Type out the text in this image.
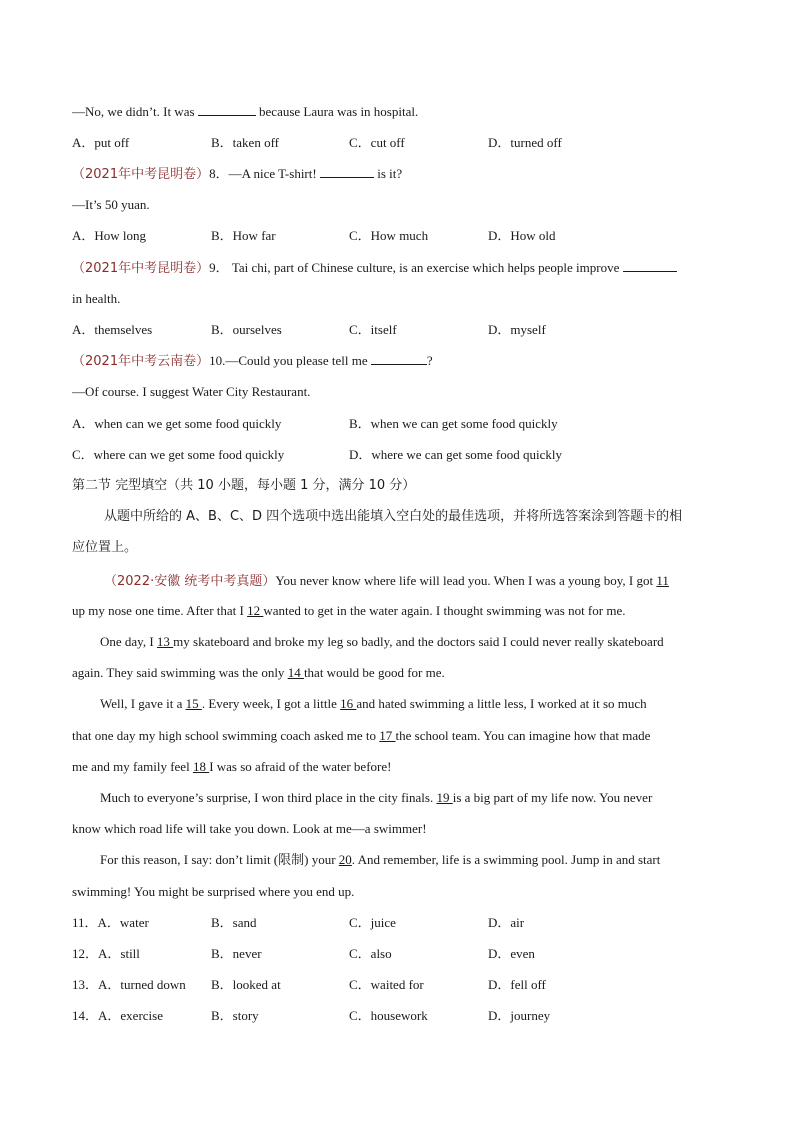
—No, we didn’t. It was	because Laura was in hospital.
A．put off	B．taken off	C．cut off	D．turned off
（2021年中考昆明卷）8．—A nice T-shirt!	is it?
—It’s 50 yuan.
A．How long	B．How far	C．How much	D．How old
（2021年中考昆明卷）9． Tai chi, part of Chinese culture, is an exercise which helps people improve
in health.
A．themselves	B．ourselves	C．itself	D．myself
（2021年中考云南卷）10.—Could you please tell me	?
—Of course. I suggest Water City Restaurant.
A．when can we get some food quickly	B．when we can get some food quickly
C．where can we get some food quickly	D．where we can get some food quickly
第二节 完型填空（共 10 小题，每小题 1 分，满分 10 分）
从题中所给的 A、B、C、D 四个选项中选出能填入空白处的最佳选项，并将所选答案涂到答题卡的相
应位置上。
（2022·安徽 统考中考真题）You never know where life will lead you. When I was a young boy, I got 11
up my nose one time. After that I 12 wanted to get in the water again. I thought swimming was not for me.
One day, I 13 my skateboard and broke my leg so badly, and the doctors said I could never really skateboard
again. They said swimming was the only 14 that would be good for me.
Well, I gave it a 15 . Every week, I got a little 16 and hated swimming a little less, I worked at it so much
that one day my high school swimming coach asked me to 17 the school team. You can imagine how that made
me and my family feel 18 I was so afraid of the water before!
Much to everyone’s surprise, I won third place in the city finals. 19 is a big part of my life now. You never
know which road life will take you down. Look at me—a swimmer!
For this reason, I say: don’t limit (限制) your 20. And remember, life is a swimming pool. Jump in and start
swimming! You might be surprised where you end up.
11．A．water	B．sand	C．juice	D．air
12．A．still	B．never	C．also	D．even
13．A．turned down B．looked at	C．waited for	D．fell off
14．A．exercise	B．story	C．housework	D．journey
